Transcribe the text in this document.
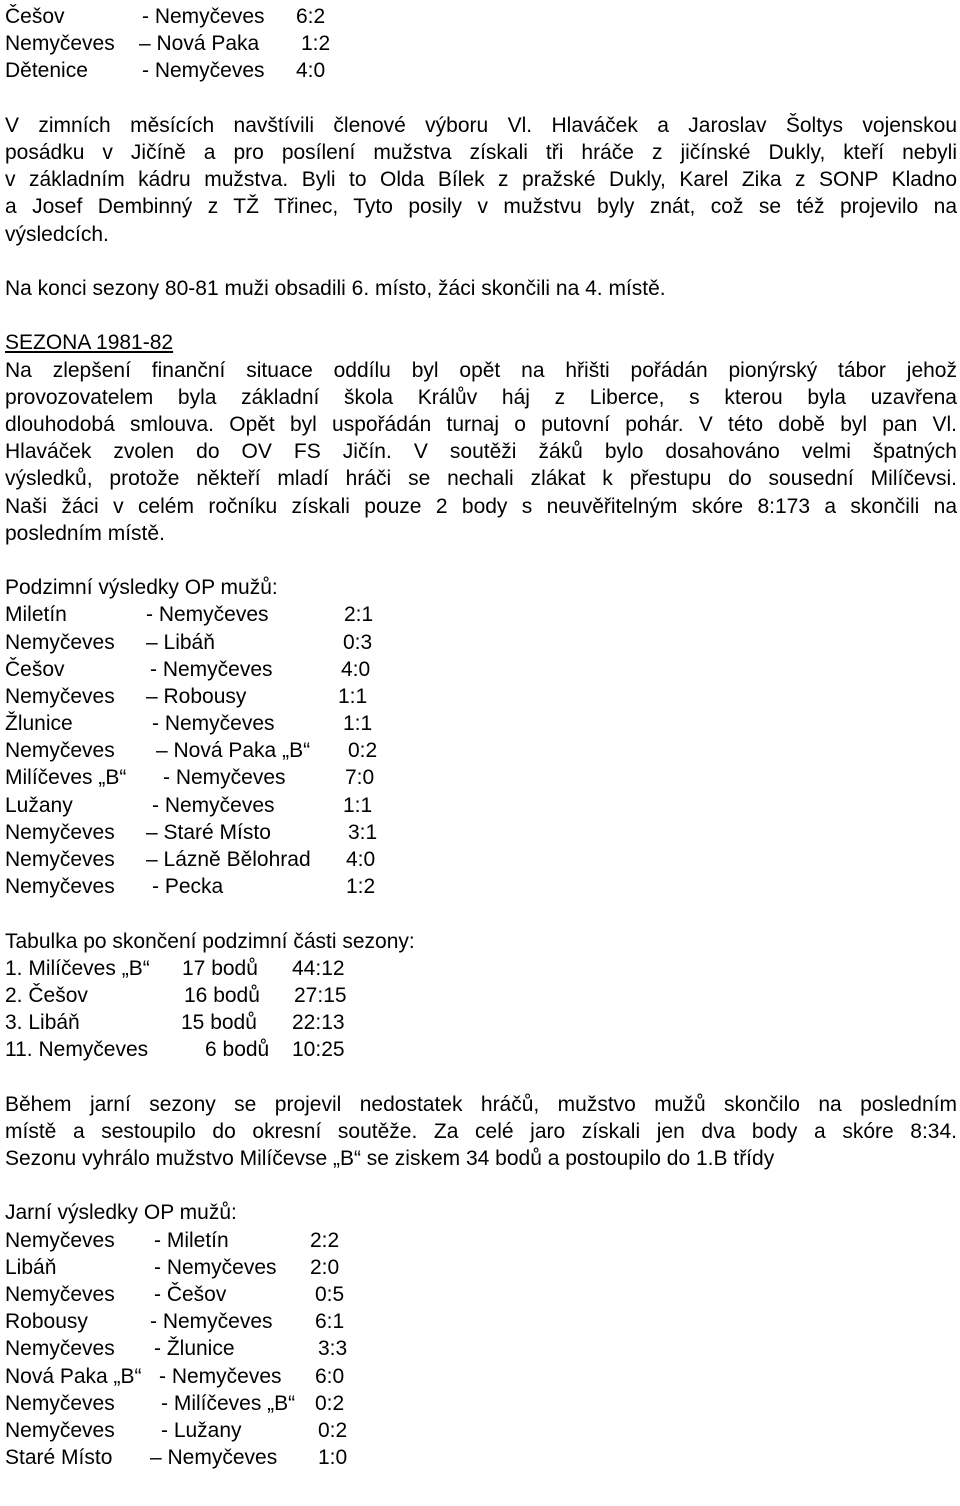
Češov	- Nemyčeves 6:2
Nemyčeves – Nová Paka 1:2
Dětenice	- Nemyčeves 4:0
V zimních měsících navštívili členové výboru Vl. Hlaváček a Jaroslav Šoltys vojenskou
posádku v Jičíně a pro posílení mužstva získali tři hráče z jičínské Dukly, kteří nebyli
v základním kádru mužstva. Byli to Olda Bílek z pražské Dukly, Karel Zika z SONP Kladno
a Josef Dembinný z TŽ Třinec, Tyto posily v mužstvu byly znát, což se též projevilo na
výsledcích.
Na konci sezony 80-81 muži obsadili 6. místo, žáci skončili na 4. místě.
SEZONA 1981-82
Na zlepšení finanční situace oddílu byl opět na hřišti pořádán pionýrský tábor jehož
provozovatelem byla základní škola Králův háj z Liberce, s kterou byla uzavřena
dlouhodobá smlouva. Opět byl uspořádán turnaj o putovní pohár. V této době byl pan Vl.
Hlaváček zvolen do OV FS Jičín. V soutěži žáků bylo dosahováno velmi špatných
výsledků, protože někteří mladí hráči se nechali zlákat k přestupu do sousední Milíčevsi.
Naši žáci v celém ročníku získali pouze 2 body s neuvěřitelným skóre 8:173 a skončili na
posledním místě.
Podzimní výsledky OP mužů:
Miletín	- Nemyčeves	2:1
Nemyčeves – Libáň	0:3
Češov	- Nemyčeves	4:0
Nemyčeves – Robousy	1:1
Žlunice	- Nemyčeves	1:1
Nemyčeves – Nová Paka „B“ 0:2
Milíčeves „B“ - Nemyčeves	7:0
Lužany	- Nemyčeves	1:1
Nemyčeves – Staré Místo	3:1
Nemyčeves – Lázně Bělohrad 4:0
Nemyčeves - Pecka	1:2
Tabulka po skončení podzimní části sezony:
1. Milíčeves „B“ 17 bodů 44:12
2. Češov	16 bodů 27:15
3. Libáň	15 bodů 22:13
11. Nemyčeves	6 bodů 10:25
Během jarní sezony se projevil nedostatek hráčů, mužstvo mužů skončilo na posledním
místě a sestoupilo do okresní soutěže. Za celé jaro získali jen dva body a skóre 8:34.
Sezonu vyhrálo mužstvo Milíčevse „B“ se ziskem 34 bodů a postoupilo do 1.B třídy
Jarní výsledky OP mužů:
Nemyčeves - Miletín	2:2
Libáň	- Nemyčeves 2:0
Nemyčeves - Češov	0:5
Robousy	- Nemyčeves 6:1
Nemyčeves - Žlunice	3:3
Nová Paka „B“ - Nemyčeves 6:0
Nemyčeves - Milíčeves „B“ 0:2
Nemyčeves - Lužany	0:2
Staré Místo – Nemyčeves 1:0
